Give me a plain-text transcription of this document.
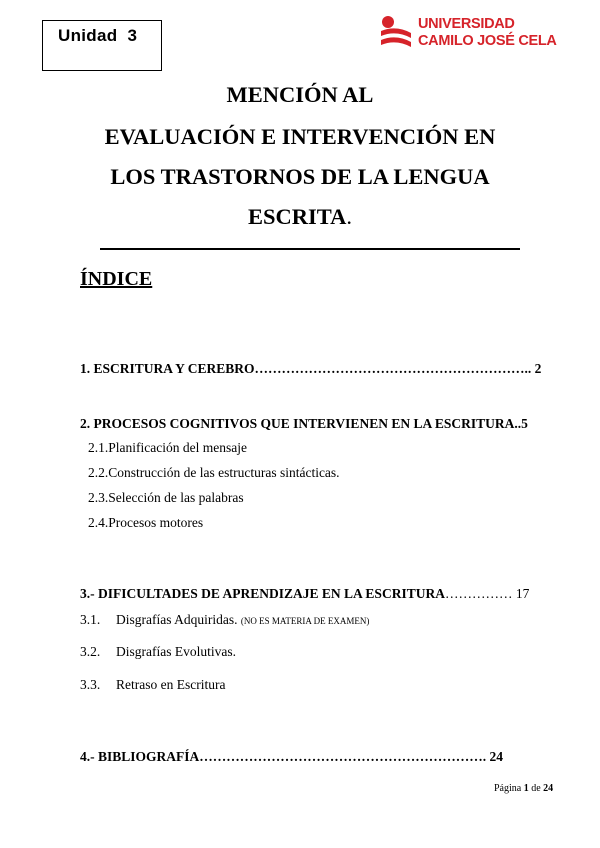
Unidad  3
UNIVERSIDAD
CAMILO JOSÉ CELA
MENCIÓN AL
EVALUACIÓN E INTERVENCIÓN EN
LOS TRASTORNOS DE LA LENGUA
ESCRITA.
ÍNDICE
1. ESCRITURA Y CEREBRO…………………………………………………….. 2
2. PROCESOS COGNITIVOS QUE INTERVIENEN EN LA ESCRITURA..5
2.1.Planificación del mensaje
2.2.Construcción de las estructuras sintácticas.
2.3.Selección de las palabras
2.4.Procesos motores
3.- DIFICULTADES DE APRENDIZAJE EN LA ESCRITURA…………… 17
3.1. Disgrafías Adquiridas. (NO ES MATERIA DE EXAMEN)
3.2. Disgrafías Evolutivas.
3.3. Retraso en Escritura
4.- BIBLIOGRAFÍA………………………………………………………. 24
Página 1 de 24
